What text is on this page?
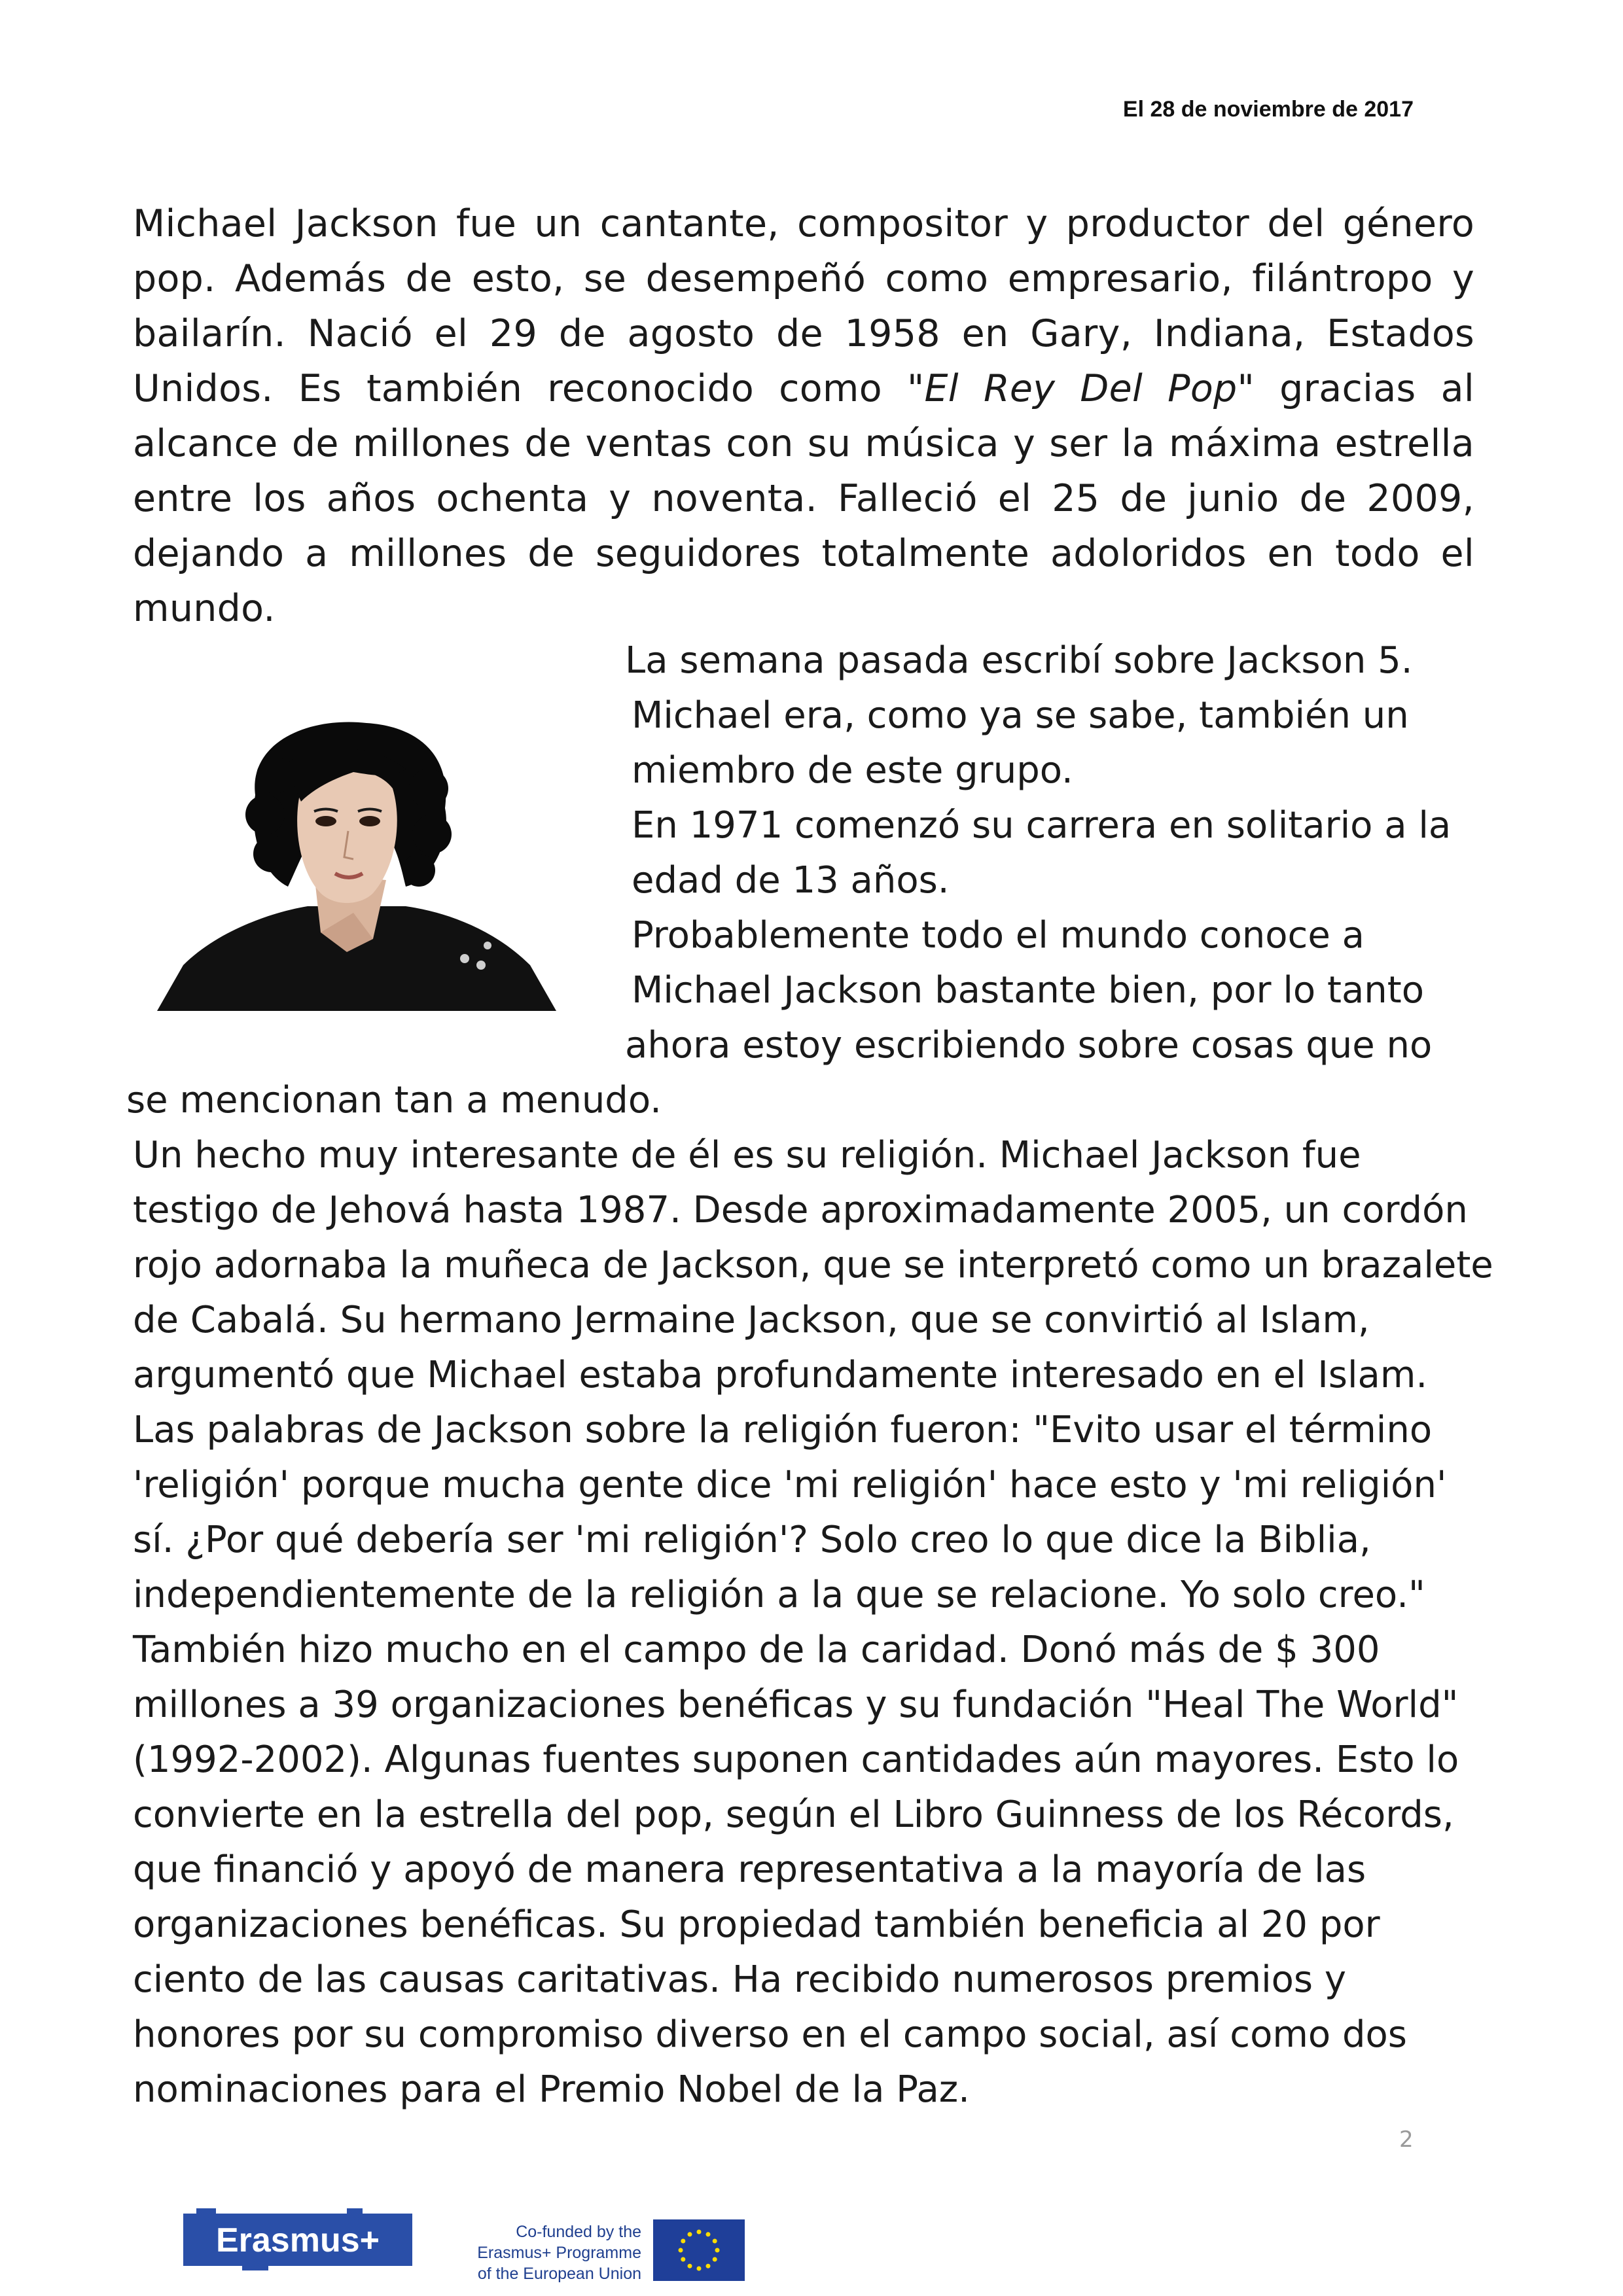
El 28 de noviembre de 2017
Michael Jackson fue un cantante, compositor y productor del género pop. Además de esto, se desempeñó como empresario, filántropo y bailarín. Nació el 29 de agosto de 1958 en Gary, Indiana, Estados Unidos. Es también reconocido como "El Rey Del Pop" gracias al alcance de millones de ventas con su música y ser la máxima estrella entre los años ochenta y noventa. Falleció el 25 de junio de 2009, dejando a millones de seguidores totalmente adoloridos en todo el mundo.

La semana pasada escribí sobre Jackson 5.

Michael era, como ya se sabe, también un miembro de este grupo.

En 1971 comenzó su carrera en solitario a la edad de 13 años.

Probablemente todo el mundo conoce a Michael Jackson bastante bien, por lo tanto

ahora estoy escribiendo sobre cosas que no

se mencionan tan a menudo.

Un hecho muy interesante de él es su religión. Michael Jackson fue testigo de Jehová hasta 1987. Desde aproximadamente 2005, un cordón rojo adornaba la muñeca de Jackson, que se interpretó como un brazalete de Cabalá. Su hermano Jermaine Jackson, que se convirtió al Islam, argumentó que Michael estaba profundamente interesado en el Islam.

Las palabras de Jackson sobre la religión fueron: "Evito usar el término 'religión' porque mucha gente dice 'mi religión' hace esto y 'mi religión' sí. ¿Por qué debería ser 'mi religión'? Solo creo lo que dice la Biblia, independientemente de la religión a la que se relacione. Yo solo creo."

También hizo mucho en el campo de la caridad. Donó más de $ 300 millones a 39 organizaciones benéficas y su fundación "Heal The World" (1992-2002). Algunas fuentes suponen cantidades aún mayores. Esto lo convierte en la estrella del pop, según el Libro Guinness de los Récords, que financió y apoyó de manera representativa a la mayoría de las organizaciones benéficas. Su propiedad también beneficia al 20 por ciento de las causas caritativas. Ha recibido numerosos premios y honores por su compromiso diverso en el campo social, así como dos nominaciones para el Premio Nobel de la Paz.

2
Erasmus+	Co-funded by the
Erasmus+ Programme
of the European Union
